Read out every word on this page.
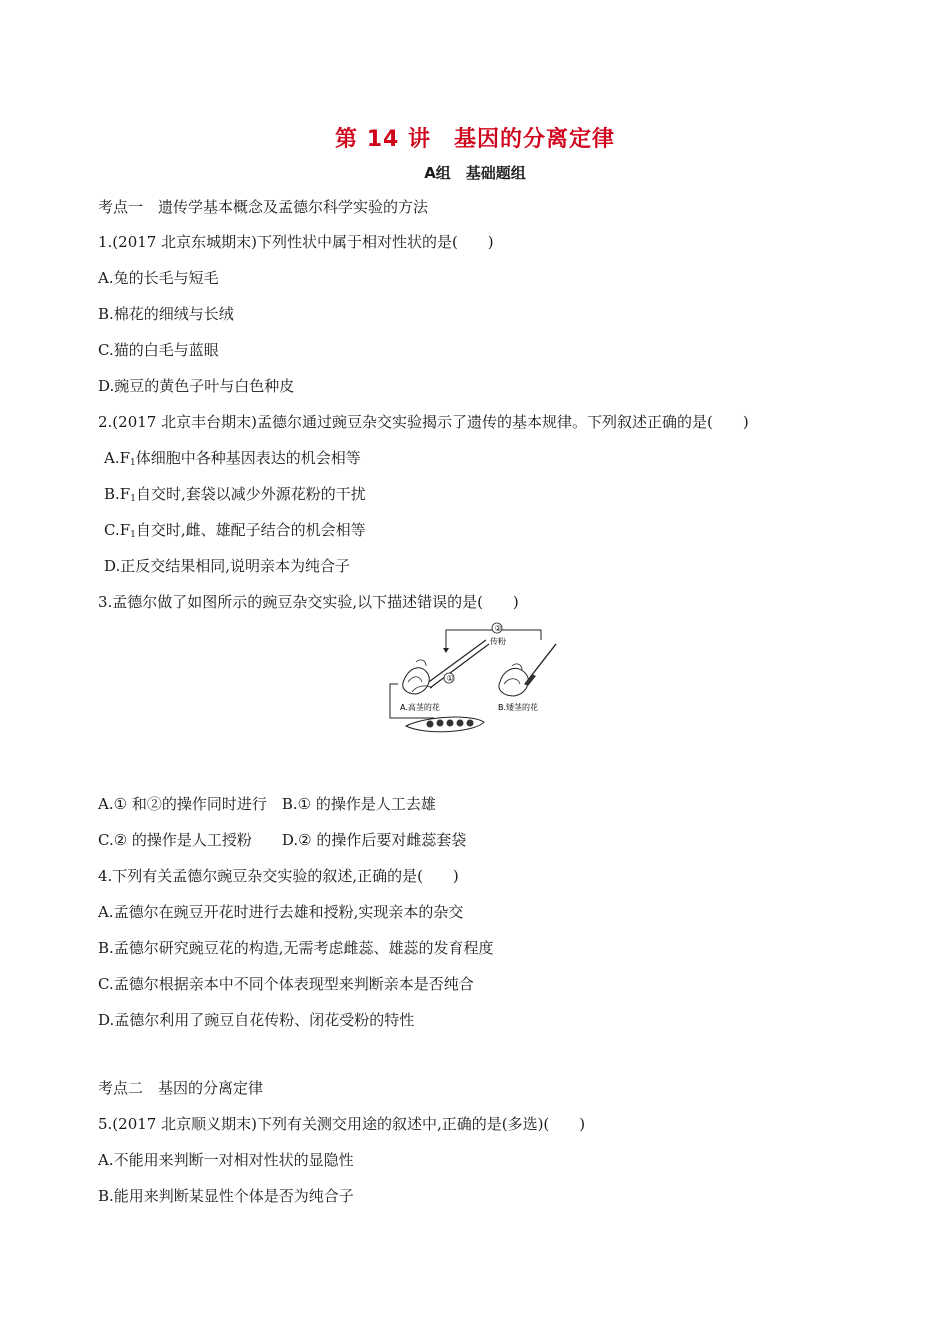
第 14 讲　基因的分离定律
A组　基础题组
考点一　遗传学基本概念及孟德尔科学实验的方法
1.(2017 北京东城期末)下列性状中属于相对性状的是(　　)
A.兔的长毛与短毛
B.棉花的细绒与长绒
C.猫的白毛与蓝眼
D.豌豆的黄色子叶与白色种皮
2.(2017 北京丰台期末)孟德尔通过豌豆杂交实验揭示了遗传的基本规律。下列叙述正确的是(　　)
$A.F_1$体细胞中各种基因表达的机会相等
$B.F_1$自交时,套袋以减少外源花粉的干扰
$C.F_1$自交时,雌、雄配子结合的机会相等
D.正反交结果相同,说明亲本为纯合子
3.孟德尔做了如图所示的豌豆杂交实验,以下描述错误的是(　　)
②
传粉
①
A.高茎的花	B.矮茎的花
A.① 和②的操作同时进行　B.① 的操作是人工去雄
C.② 的操作是人工授粉　　D.② 的操作后要对雌蕊套袋
4.下列有关孟德尔豌豆杂交实验的叙述,正确的是(　　)
A.孟德尔在豌豆开花时进行去雄和授粉,实现亲本的杂交
B.孟德尔研究豌豆花的构造,无需考虑雌蕊、雄蕊的发育程度
C.孟德尔根据亲本中不同个体表现型来判断亲本是否纯合
D.孟德尔利用了豌豆自花传粉、闭花受粉的特性
考点二　基因的分离定律
5.(2017 北京顺义期末)下列有关测交用途的叙述中,正确的是(多选)(　　)
A.不能用来判断一对相对性状的显隐性
B.能用来判断某显性个体是否为纯合子
